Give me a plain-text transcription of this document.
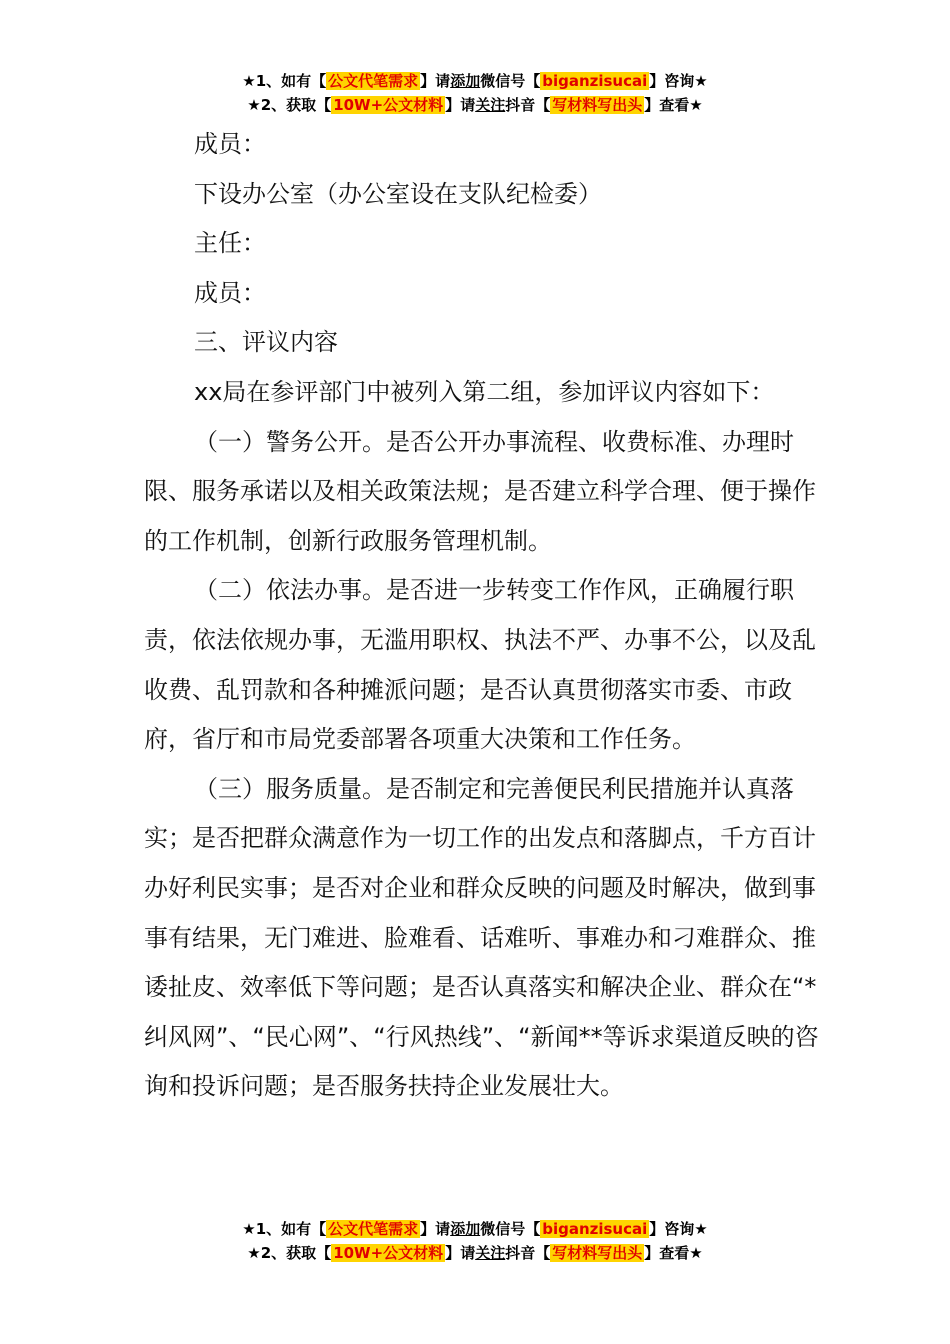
★1、如有【 公文代笔需求 】请添加微信号【 biganzisucai 】咨询★
★2、获取【 10W+公文材料 】请关注抖音【 写材料写出头 】查看★

成员：

下设办公室（办公室设在支队纪检委）

主任：

成员：

三、评议内容

xx局在参评部门中被列入第二组，参加评议内容如下：

（一）警务公开。是否公开办事流程、收费标准、办理时限、服务承诺以及相关政策法规；是否建立科学合理、便于操作的工作机制，创新行政服务管理机制。

（二）依法办事。是否进一步转变工作作风，正确履行职责，依法依规办事，无滥用职权、执法不严、办事不公，以及乱收费、乱罚款和各种摊派问题；是否认真贯彻落实市委、市政府，省厅和市局党委部署各项重大决策和工作任务。

（三）服务质量。是否制定和完善便民利民措施并认真落实；是否把群众满意作为一切工作的出发点和落脚点，千方百计办好利民实事；是否对企业和群众反映的问题及时解决，做到事事有结果，无门难进、脸难看、话难听、事难办和刁难群众、推诿扯皮、效率低下等问题；是否认真落实和解决企业、群众在“*纠风网”、“民心网”、“行风热线”、“新闻**等诉求渠道反映的咨询和投诉问题；是否服务扶持企业发展壮大。

★1、如有【 公文代笔需求 】请添加微信号【 biganzisucai 】咨询★
★2、获取【 10W+公文材料 】请关注抖音【 写材料写出头 】查看★
